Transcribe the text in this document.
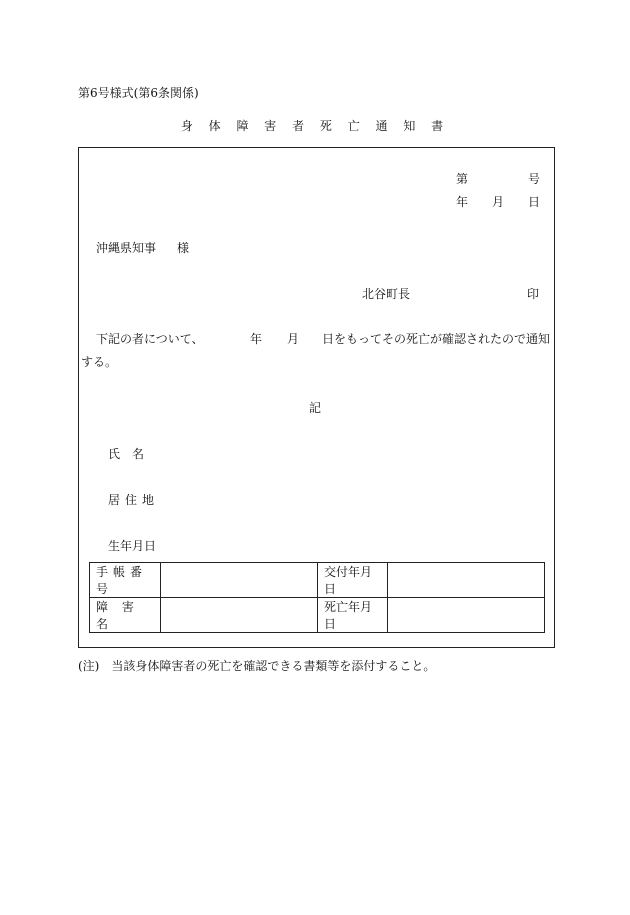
第6号様式(第6条関係)
身 体 障 害 者 死 亡 通 知 書
第	号
年 月 日
沖縄県知事 様
北谷町長	印
下記の者について、	年 月 日をもってその死亡が確認されたので通知
する。
記
氏　名
居住地
生年月日
手帳番号		交付年月日	
障 害 名		死亡年月日	
(注)　当該身体障害者の死亡を確認できる書類等を添付すること。
